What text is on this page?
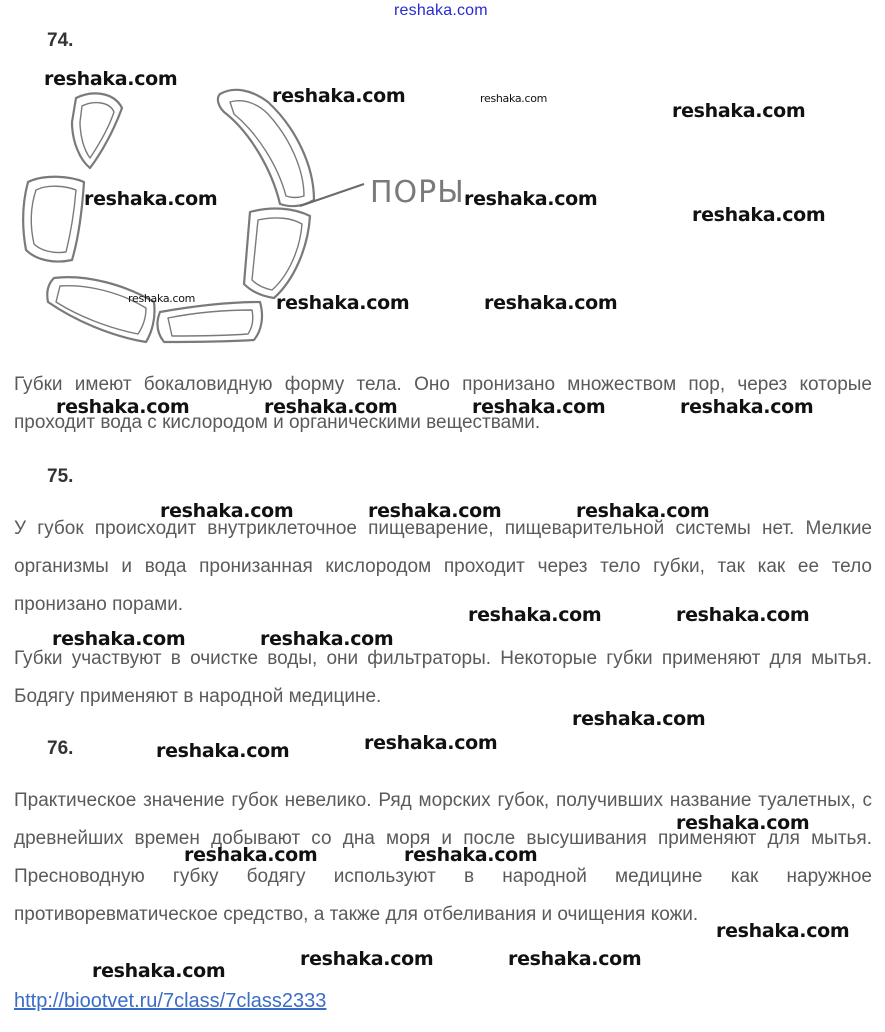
reshaka.com
74.
ПОРЫ

Губки имеют бокаловидную форму тела. Оно пронизано множеством пор, через которые проходит вода с кислородом и органическими веществами.

75.

У губок происходит внутриклеточное пищеварение, пищеварительной системы нет. Мелкие организмы и вода пронизанная кислородом проходит через тело губки, так как ее тело пронизано порами.

Губки участвуют в очистке воды, они фильтраторы. Некоторые губки применяют для мытья. Бодягу применяют в народной медицине.

76.

Практическое значение губок невелико. Ряд морских губок, получивших название туалетных, с древнейших времен добывают со дна моря и после высушивания применяют для мытья. Пресноводную губку бодягу используют в народной медицине как наружное противоревматическое средство, а также для отбеливания и очищения кожи.

http://biootvet.ru/7class/7class2333
reshaka.com
reshaka.com	reshaka.com
reshaka.com
reshaka.com	reshaka.com
reshaka.com
reshaka.com	reshaka.com	reshaka.com
reshaka.com	reshaka.com	reshaka.com	reshaka.com
reshaka.com	reshaka.com	reshaka.com
reshaka.com	reshaka.com
reshaka.com	reshaka.com
reshaka.com
reshaka.com
reshaka.com
reshaka.com
reshaka.com	reshaka.com
reshaka.com
reshaka.com	reshaka.com
reshaka.com
